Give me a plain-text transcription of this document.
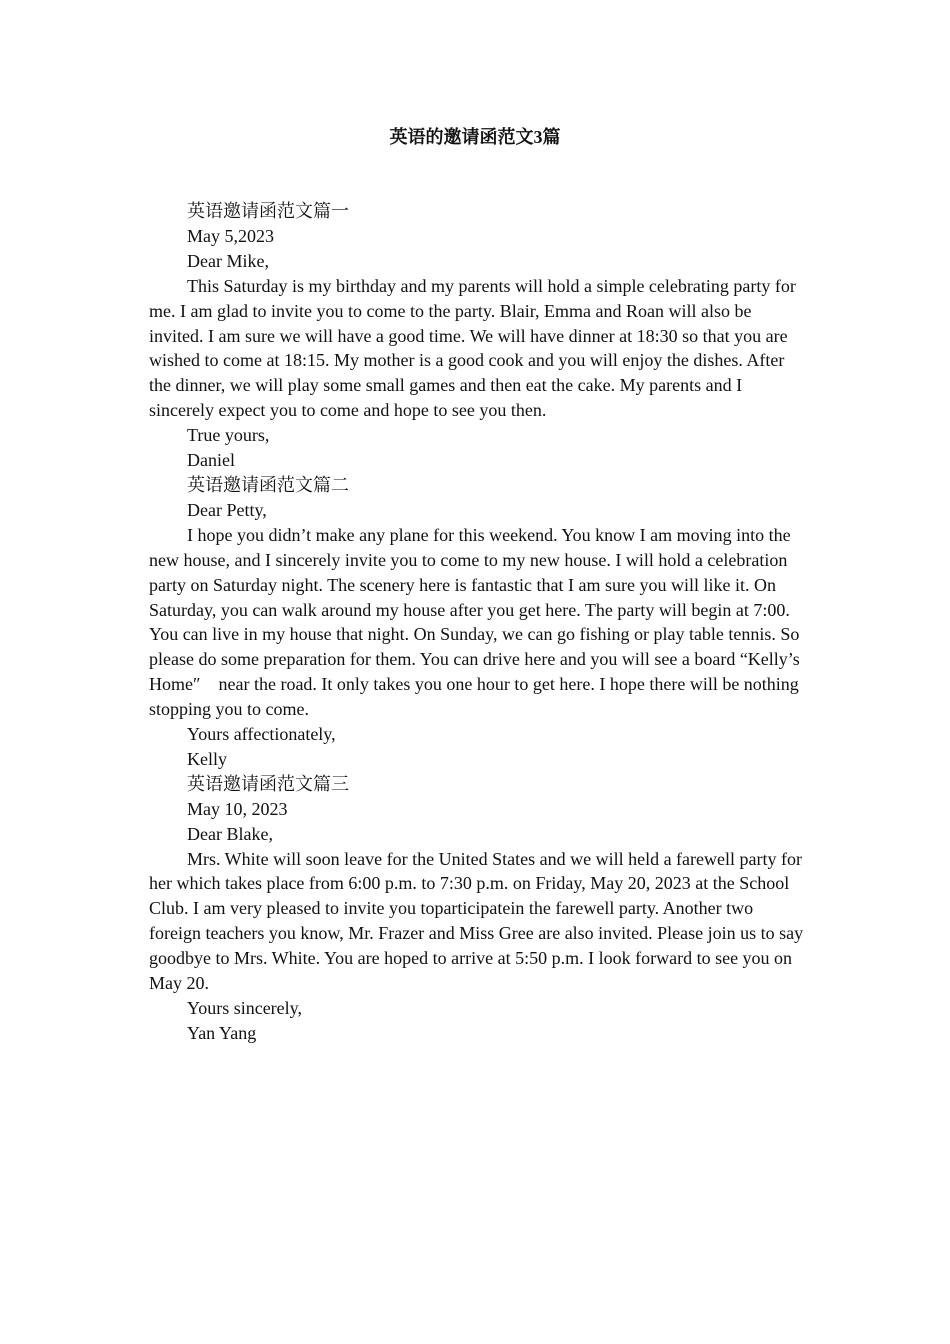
英语的邀请函范文3篇

英语邀请函范文篇一

May 5,2023

Dear Mike,

This Saturday is my birthday and my parents will hold a simple celebrating party for me. I am glad to invite you to come to the party. Blair, Emma and Roan will also be invited. I am sure we will have a good time. We will have dinner at 18:30 so that you are wished to come at 18:15. My mother is a good cook and you will enjoy the dishes. After the dinner, we will play some small games and then eat the cake. My parents and I sincerely expect you to come and hope to see you then.

True yours,

Daniel

英语邀请函范文篇二

Dear Petty,

I hope you didn’t make any plane for this weekend. You know I am moving into the new house, and I sincerely invite you to come to my new house. I will hold a celebration party on Saturday night. The scenery here is fantastic that I am sure you will like it. On Saturday, you can walk around my house after you get here. The party will begin at 7:00. You can live in my house that night. On Sunday, we can go fishing or play table tennis. So please do some preparation for them. You can drive here and you will see a board “Kelly’s Home″　near the road. It only takes you one hour to get here. I hope there will be nothing stopping you to come.

Yours affectionately,

Kelly

英语邀请函范文篇三

May 10, 2023

Dear Blake,

Mrs. White will soon leave for the United States and we will held a farewell party for her which takes place from 6:00 p.m. to 7:30 p.m. on Friday, May 20, 2023 at the School Club. I am very pleased to invite you toparticipatein the farewell party. Another two foreign teachers you know, Mr. Frazer and Miss Gree are also invited. Please join us to say goodbye to Mrs. White. You are hoped to arrive at 5:50 p.m. I look forward to see you on May 20.

Yours sincerely,

Yan Yang
